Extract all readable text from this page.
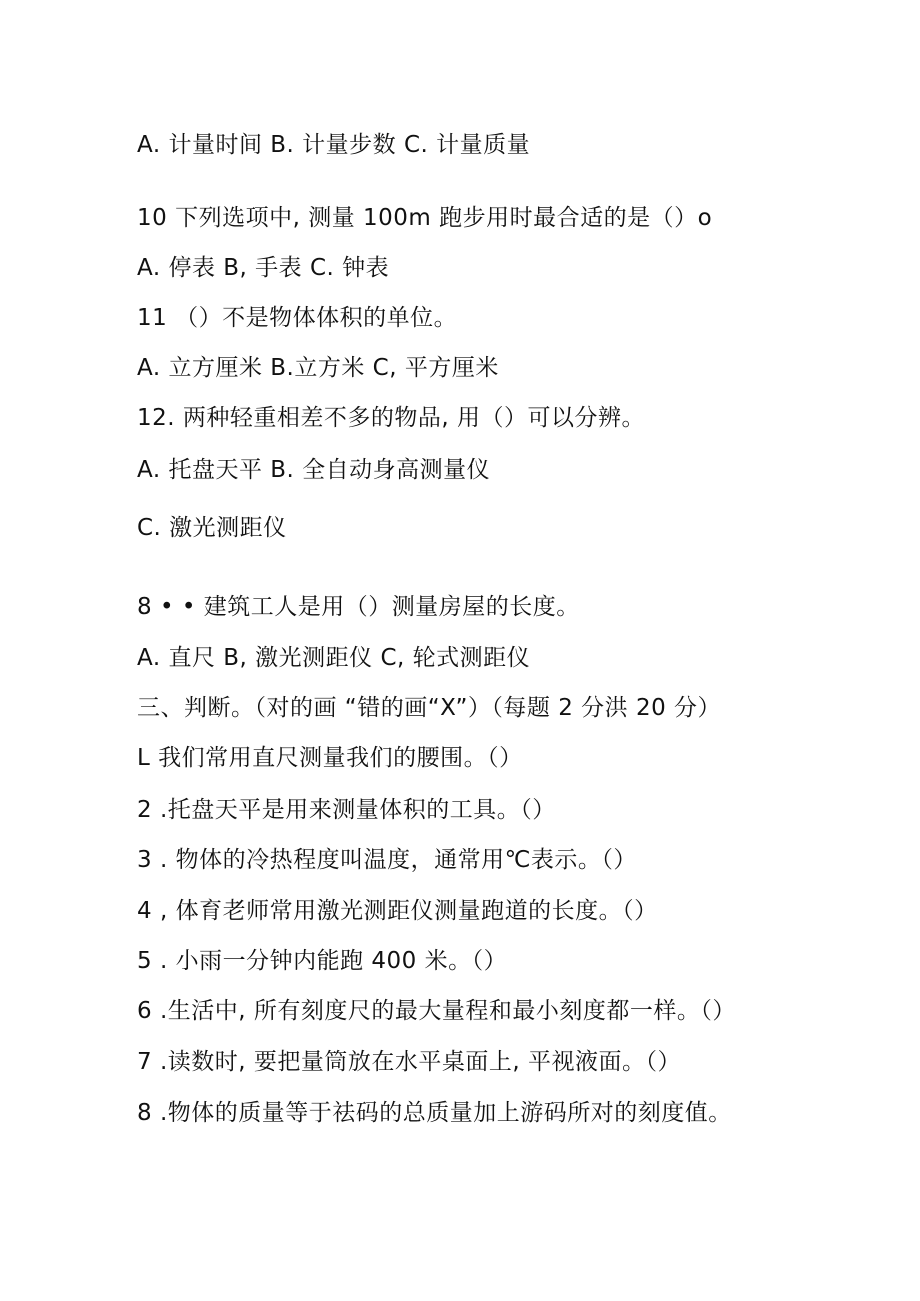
A. 计量时间 B. 计量步数 C. 计量质量
10 下列选项中, 测量 100m 跑步用时最合适的是（）o
A. 停表 B, 手表 C. 钟表
11 （）不是物体体积的单位。
A. 立方厘米 B.立方米 C, 平方厘米
12. 两种轻重相差不多的物品, 用（）可以分辨。
A. 托盘天平 B. 全自动身高测量仪
C. 激光测距仪
8 • • 建筑工人是用（）测量房屋的长度。
A. 直尺 B, 激光测距仪 C, 轮式测距仪
三、判断。（对的画 “错的画“X”）（每题 2 分洪 20 分）
L 我们常用直尺测量我们的腰围。（）
2 .托盘天平是用来测量体积的工具。（）
3 . 物体的冷热程度叫温度，通常用℃表示。（）
4 , 体育老师常用激光测距仪测量跑道的长度。（）
5 . 小雨一分钟内能跑 400 米。（）
6 .生活中, 所有刻度尺的最大量程和最小刻度都一样。（）
7 .读数时, 要把量筒放在水平桌面上, 平视液面。（）
8 .物体的质量等于祛码的总质量加上游码所对的刻度值。
